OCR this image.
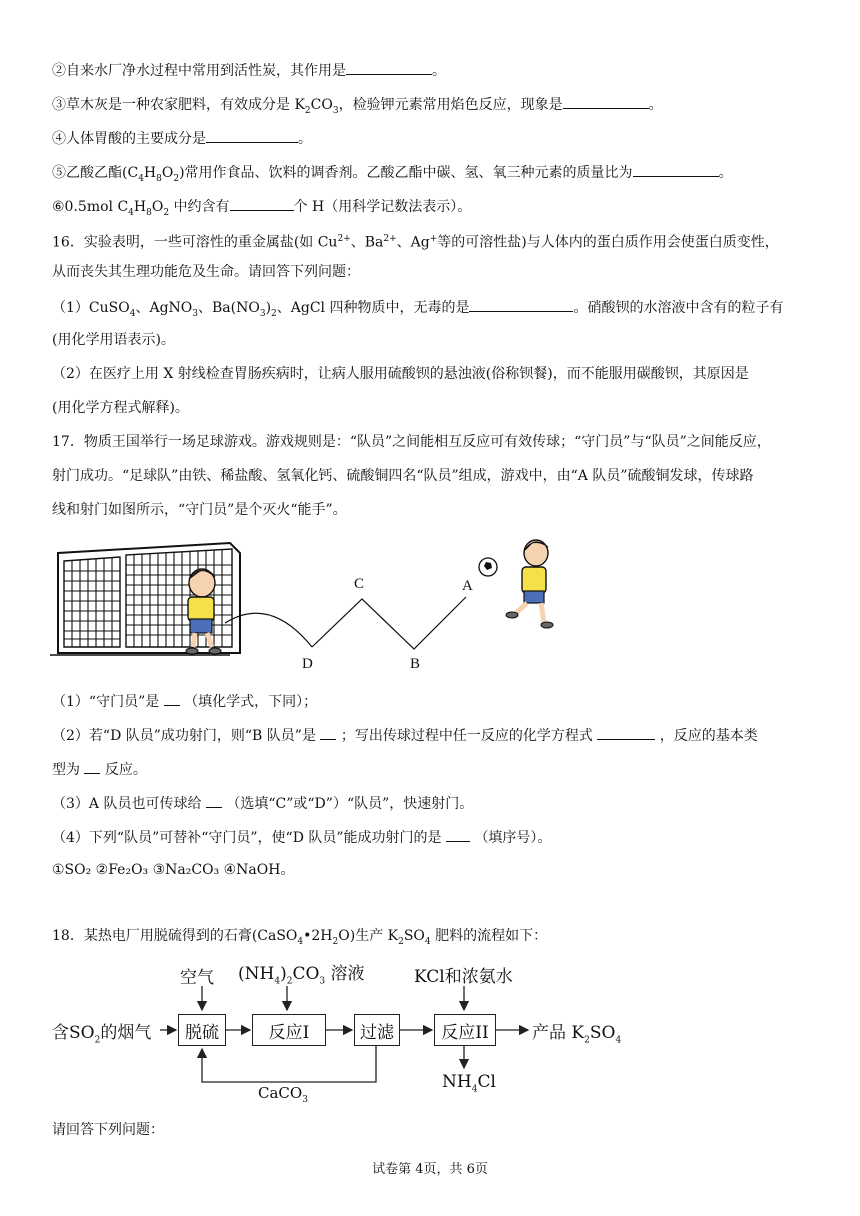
②自来水厂净水过程中常用到活性炭，其作用是	。
③草木灰是一种农家肥料，有效成分是 $K_2CO_3$，检验钾元素常用焰色反应，现象是	。
④人体胃酸的主要成分是	。
⑤乙酸乙酯$(C_4H_8O_2)$常用作食品、饮料的调香剂。乙酸乙酯中碳、氢、氧三种元素的质量比为	。
⑥0.5mol $C_4H_8O_2$ 中约含有	个 H（用科学记数法表示）。
16．实验表明，一些可溶性的重金属盐(如 $Cu^{2+}$、$Ba^{2+}$、Ag+等的可溶性盐)与人体内的蛋白质作用会使蛋白质变性，
从而丧失其生理功能危及生命。请回答下列问题：
（1）CuSO$_4$、AgNO$_3$、$Ba(NO_3)_2$、AgCl 四种物质中，无毒的是	。硝酸钡的水溶液中含有的粒子有
(用化学用语表示)。
（2）在医疗上用 X 射线检查胃肠疾病时，让病人服用硫酸钡的悬浊液(俗称钡餐)，而不能服用碳酸钡，其原因是
(用化学方程式解释)。
17．物质王国举行一场足球游戏。游戏规则是：“队员”之间能相互反应可有效传球；“守门员”与“队员”之间能反应，
射门成功。“足球队”由铁、稀盐酸、氢氧化钙、硫酸铜四名“队员”组成，游戏中，由“A 队员”硫酸铜发球，传球路
线和射门如图所示，“守门员”是个灭火“能手”。
C	A
D	B
（1）“守门员”是 （填化学式，下同）；
（2）若“D 队员”成功射门，则“B 队员”是 ；写出传球过程中任一反应的化学方程式	，反应的基本类
型为 反应。
（3）A 队员也可传球给 （选填“C”或“D”）“队员”，快速射门。
（4）下列“队员”可替补“守门员”，使“D 队员”能成功射门的是 （填序号）。
①SO₂ ②Fe₂O₃ ③Na₂CO₃ ④NaOH。
18．某热电厂用脱硫得到的石膏$(CaSO_4•2H_2O)$生产 $K_2SO_4$ 肥料的流程如下：
空气 $(NH_4)_2CO_3$ 溶液	KCl和浓氨水
含$SO_2$的烟气	脱硫	反应I	过滤	反应II	产品 $K_2SO_4$
$NH_4Cl$
CaCO$_3$
请回答下列问题：
试卷第 4页，共 6页
